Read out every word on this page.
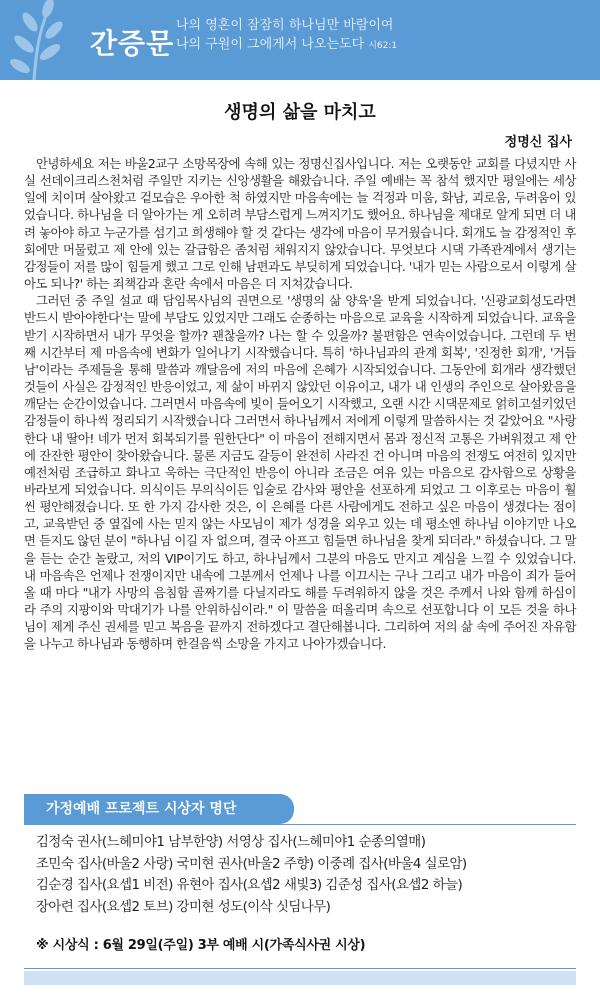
간증문
나의 영혼이 잠잠히 하나님만 바람이여
나의 구원이 그에게서 나오는도다 시62:1
생명의 삶을 마치고
정명신 집사

안녕하세요 저는 바울2교구 소망목장에 속해 있는 정명신집사입니다. 저는 오랫동안 교회를 다녔지만 사실 선데이크리스천처럼 주일만 지키는 신앙생활을 해왔습니다. 주일 예배는 꼭 참석 했지만 평일에는 세상일에 치이며 살아왔고 겉모습은 우아한 척 하였지만 마음속에는 늘 걱정과 미움, 화남, 괴로움, 두려움이 있었습니다. 하나님을 더 알아가는 게 오히려 부담스럽게 느껴지기도 했어요. 하나님을 제대로 알게 되면 더 내려 놓아야 하고 누군가를 섬기고 희생해야 할 것 같다는 생각에 마음이 무거웠습니다. 회개도 늘 감정적인 후회에만 머물렀고 제 안에 있는 갈급함은 좀처럼 채워지지 않았습니다. 무엇보다 시댁 가족관계에서 생기는 감정들이 저를 많이 힘들게 했고 그로 인해 남편과도 부딪히게 되었습니다. '내가 믿는 사람으로서 이렇게 살아도 되나?' 하는 죄책감과 혼란 속에서 마음은 더 지쳐갔습니다.

그러던 중 주일 설교 때 담임목사님의 권면으로 '생명의 삶 양육'을 받게 되었습니다. '신광교회성도라면 반드시 받아야한다'는 말에 부담도 있었지만 그래도 순종하는 마음으로 교육을 시작하게 되었습니다. 교육을 받기 시작하면서 내가 무엇을 할까? 괜찮을까? 나는 할 수 있을까? 불편함은 연속이었습니다. 그런데 두 번째 시간부터 제 마음속에 변화가 일어나기 시작했습니다. 특히 '하나님과의 관계 회복', '진정한 회개', '거듭남'이라는 주제들을 통해 말씀과 깨달음에 저의 마음에 은혜가 시작되었습니다. 그동안에 회개라 생각했던 것들이 사실은 감정적인 반응이었고, 제 삶이 바뀌지 않았던 이유이고, 내가 내 인생의 주인으로 살아왔음을 깨닫는 순간이었습니다. 그러면서 마음속에 빛이 들어오기 시작했고, 오랜 시간 시댁문제로 얽히고설키었던 감정들이 하나씩 정리되기 시작했습니다 그러면서 하나님께서 저에게 이렇게 말씀하시는 것 같았어요 "사랑한다 내 딸아! 네가 먼저 회복되기를 원한단다" 이 마음이 전해지면서 몸과 정신적 고통은 가벼워졌고 제 안에 잔잔한 평안이 찾아왔습니다. 물론 지금도 갈등이 완전히 사라진 건 아니며 마음의 전쟁도 여전히 있지만 예전처럼 조급하고 화나고 욱하는 극단적인 반응이 아니라 조금은 여유 있는 마음으로 감사함으로 상황을 바라보게 되었습니다. 의식이든 무의식이든 입술로 감사와 평안을 선포하게 되었고 그 이후로는 마음이 훨씬 평안해졌습니다. 또 한 가지 감사한 것은, 이 은혜를 다른 사람에게도 전하고 싶은 마음이 생겼다는 점이고, 교육받던 중 옆집에 사는 믿지 않는 사모님이 제가 성경을 외우고 있는 데 평소엔 하나님 이야기만 나오면 듣지도 않던 분이 "하나님 이길 자 없으며, 결국 아프고 힘들면 하나님을 찾게 되더라." 하셨습니다. 그 말을 듣는 순간 놀랐고, 저의 VIP이기도 하고, 하나님께서 그분의 마음도 만지고 계심을 느낄 수 있었습니다. 내 마음속은 언제나 전쟁이지만 내속에 그분께서 언제나 나를 이끄시는 구나 그리고 내가 마음이 죄가 들어올 때 마다 "내가 사망의 음침함 골짜기를 다닐지라도 해를 두려워하지 않을 것은 주께서 나와 함께 하심이라 주의 지팡이와 막대기가 나를 안위하심이라." 이 말씀을 떠올리며 속으로 선포합니다 이 모든 것을 하나님이 제게 주신 권세를 믿고 복음을 끝까지 전하겠다고 결단해봅니다. 그리하여 저의 삶 속에 주어진 자유함을 나누고 하나님과 동행하며 한걸음씩 소망을 가지고 나아가겠습니다.

가정예배 프로젝트 시상자 명단
김정숙 권사(느헤미야1 남부한양) 서영상 집사(느헤미야1 순종의열매)
조민숙 집사(바울2 사랑) 국미현 권사(바울2 주향) 이중례 집사(바울4 실로암)
김순경 집사(요셉1 비전) 유현아 집사(요셉2 새빛3) 김준성 집사(요셉2 하늘)
장아련 집사(요셉2 토브) 강미현 성도(이삭 싯딤나무)
※ 시상식 : 6월 29일(주일) 3부 예배 시(가족식사권 시상)
